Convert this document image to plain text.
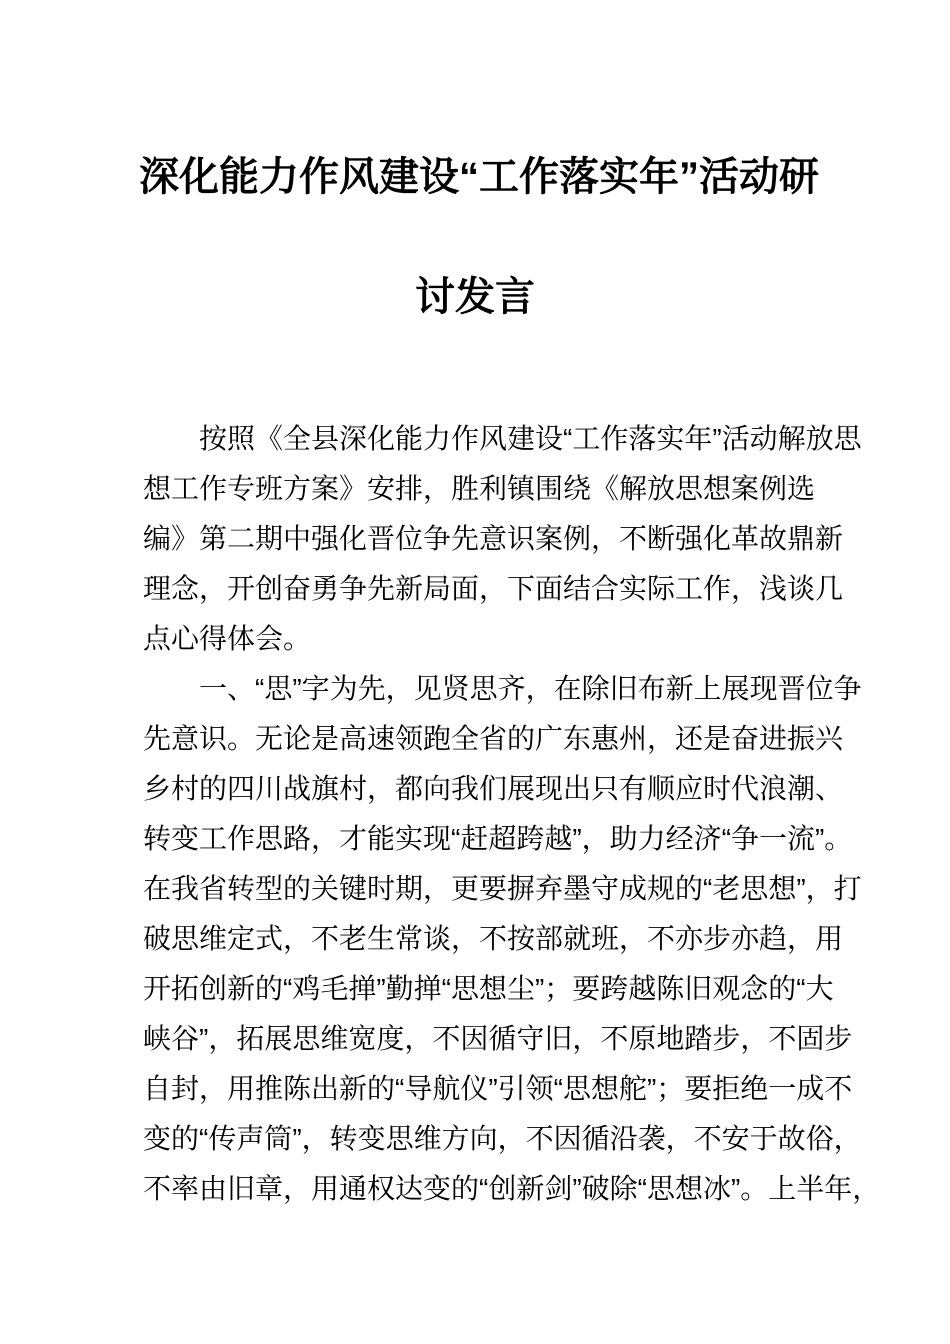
深化能力作风建设“工作落实年”活动研
讨发言
按照《全县深化能力作风建设“工作落实年”活动解放思
想工作专班方案》安排，胜利镇围绕《解放思想案例选
编》第二期中强化晋位争先意识案例，不断强化革故鼎新
理念，开创奋勇争先新局面，下面结合实际工作，浅谈几
点心得体会。
一、“思”字为先，见贤思齐，在除旧布新上展现晋位争
先意识。无论是高速领跑全省的广东惠州，还是奋进振兴
乡村的四川战旗村，都向我们展现出只有顺应时代浪潮、
转变工作思路，才能实现“赶超跨越”，助力经济“争一流”。
在我省转型的关键时期，更要摒弃墨守成规的“老思想”，打
破思维定式，不老生常谈，不按部就班，不亦步亦趋，用
开拓创新的“鸡毛掸”勤掸“思想尘”；要跨越陈旧观念的“大
峡谷”，拓展思维宽度，不因循守旧，不原地踏步，不固步
自封，用推陈出新的“导航仪”引领“思想舵”；要拒绝一成不
变的“传声筒”，转变思维方向，不因循沿袭，不安于故俗，
不率由旧章，用通权达变的“创新剑”破除“思想冰”。上半年，
